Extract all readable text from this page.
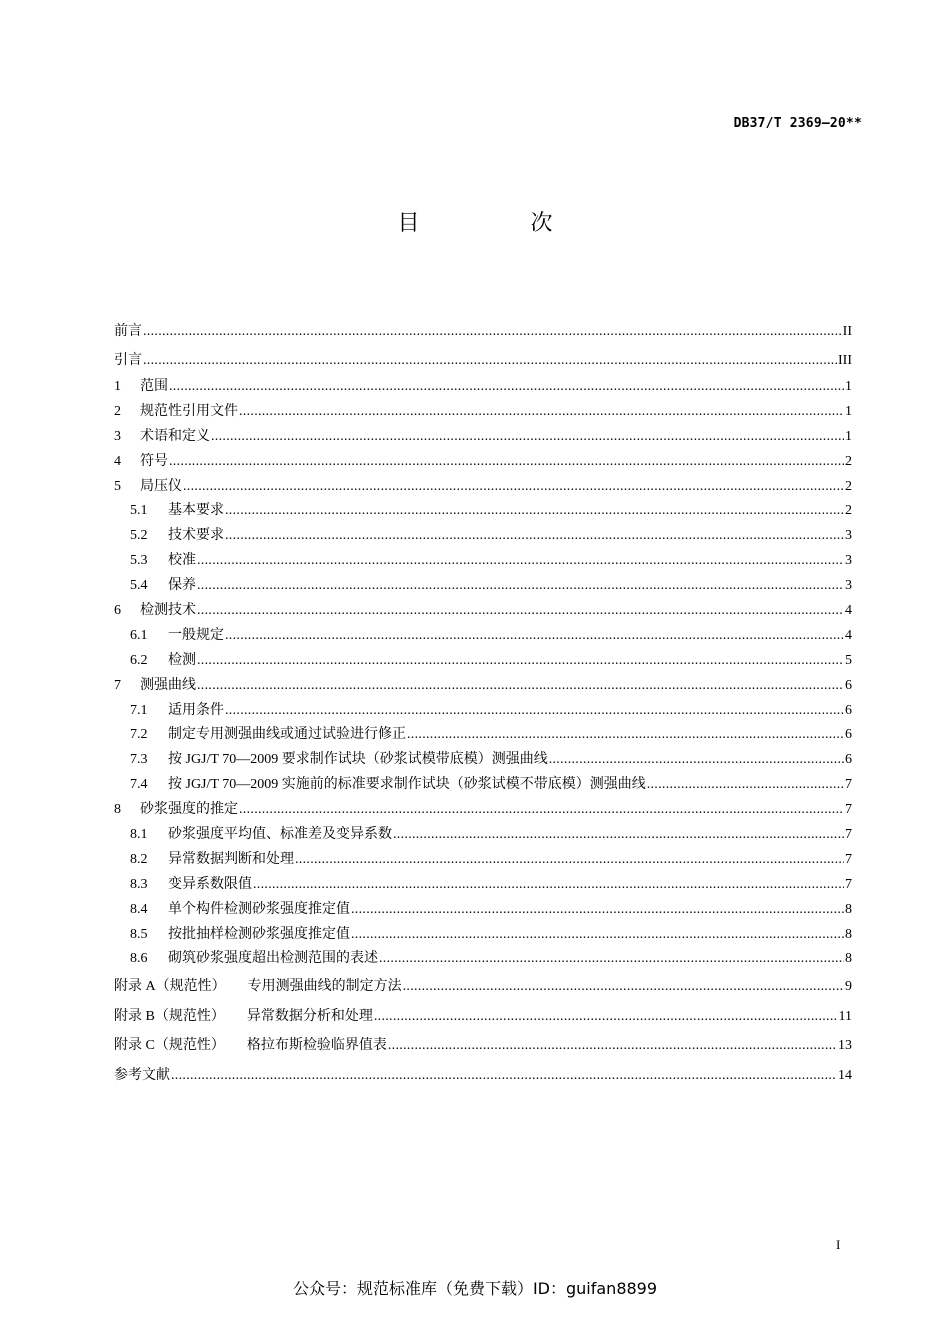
DB37/T 2369—20**
目 次
前言 .....	II
引言 .....	III
1	范围 .....	1
2	规范性引用文件 .....	1
3	术语和定义 .....	1
4	符号 .....	2
5	局压仪 .....	2
5.1	基本要求 .....	2
5.2	技术要求 .....	3
5.3	校准 .....	3
5.4	保养 .....	3
6	检测技术 .....	4
6.1	一般规定 .....	4
6.2	检测 .....	5
7	测强曲线 .....	6
7.1	适用条件 .....	6
7.2	制定专用测强曲线或通过试验进行修正 .....	6
7.3	按 JGJ/T 70—2009 要求制作试块（砂浆试模带底模）测强曲线 .....	6
7.4	按 JGJ/T 70—2009 实施前的标准要求制作试块（砂浆试模不带底模）测强曲线 .....	7
8	砂浆强度的推定 .....	7
8.1	砂浆强度平均值、标准差及变异系数 .....	7
8.2	异常数据判断和处理 .....	7
8.3	变异系数限值 .....	7
8.4	单个构件检测砂浆强度推定值 .....	8
8.5	按批抽样检测砂浆强度推定值 .....	8
8.6	砌筑砂浆强度超出检测范围的表述 .....	8
附录 A（规范性） 专用测强曲线的制定方法 .....	9
附录 B（规范性） 异常数据分析和处理 .....	11
附录 C（规范性） 格拉布斯检验临界值表 .....	13
参考文献 .....	14
I
公众号：规范标准库（免费下载）ID：guifan8899
